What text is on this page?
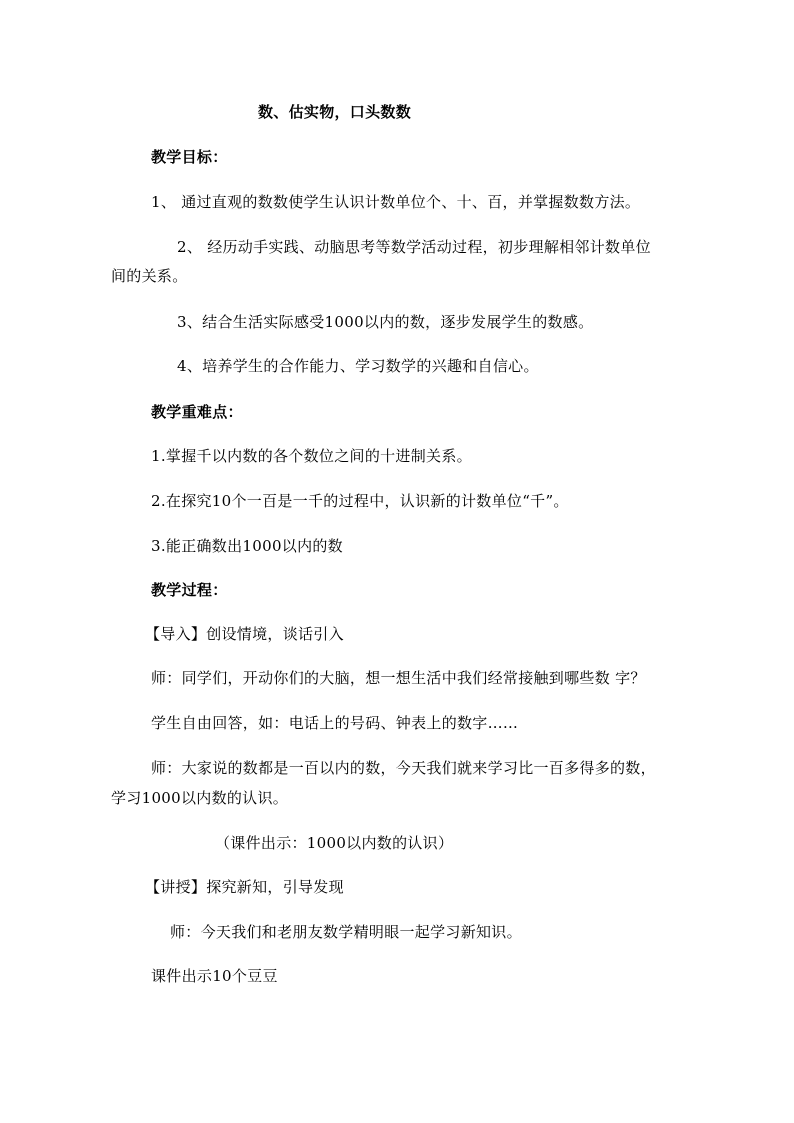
数、估实物，口头数数
教学目标：
1、 通过直观的数数使学生认识计数单位个、十、百，并掌握数数方法。
2、 经历动手实践、动脑思考等数学活动过程，初步理解相邻计数单位
间的关系。
3、结合生活实际感受1000以内的数，逐步发展学生的数感。
4、培养学生的合作能力、学习数学的兴趣和自信心。
教学重难点：
1.掌握千以内数的各个数位之间的十进制关系。
2.在探究10个一百是一千的过程中，认识新的计数单位“千”。
3.能正确数出1000以内的数
教学过程：
【导入】创设情境，谈话引入
师：同学们，开动你们的大脑，想一想生活中我们经常接触到哪些数 字？
学生自由回答，如：电话上的号码、钟表上的数字……
师：大家说的数都是一百以内的数，今天我们就来学习比一百多得多的数，
学习1000以内数的认识。
（课件出示：1000以内数的认识）
【讲授】探究新知，引导发现
师：今天我们和老朋友数学精明眼一起学习新知识。
课件出示10个豆豆
